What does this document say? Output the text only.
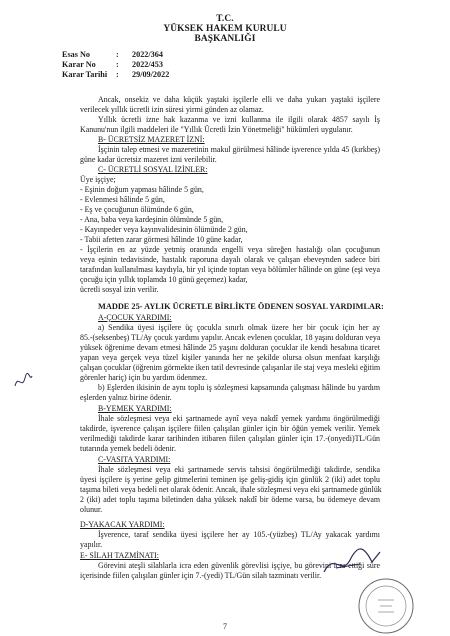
T.C.
YÜKSEK HAKEM KURULU
BAŞKANLIĞI
Esas No	: 2022/364
Karar No : 2022/453
Karar Tarihi : 29/09/2022
Ancak, onsekiz ve daha küçük yaştaki işçilerle elli ve daha yukarı yaştaki işçilere
verilecek yıllık ücretli izin süresi yirmi günden az olamaz.
Yıllık ücretli izne hak kazanma ve izni kullanma ile ilgili olarak 4857 sayılı İş
Kanunu'nun ilgili maddeleri ile "Yıllık Ücretli İzin Yönetmeliği" hükümleri uygulanır.
B- ÜCRETSİZ MAZERET İZNİ:
İşçinin talep etmesi ve mazeretinin makul görülmesi hâlinde işverence yılda 45 (kırkbeş)
güne kadar ücretsiz mazeret izni verilebilir.
C- ÜCRETLİ SOSYAL İZİNLER:
Üye işçiye;
- Eşinin doğum yapması hâlinde 5 gün,
- Evlenmesi hâlinde 5 gün,
- Eş ve çocuğunun ölümünde 6 gün,
- Ana, baba veya kardeşinin ölümünde 5 gün,
- Kayınpeder veya kayınvalidesinin ölümünde 2 gün,
- Tabii afetten zarar görmesi hâlinde 10 güne kadar,
- İşçilerin en az yüzde yetmiş oranında engelli veya süreğen hastalığı olan çocuğunun
veya eşinin tedavisinde, hastalık raporuna dayalı olarak ve çalışan ebeveynden sadece biri
tarafından kullanılması kaydıyla, bir yıl içinde toptan veya bölümler hâlinde on güne (eşi veya
çocuğu için yıllık toplamda 10 günü geçemez) kadar,
ücretli sosyal izin verilir.
MADDE 25- AYLIK ÜCRETLE BİRLİKTE ÖDENEN SOSYAL YARDIMLAR:
A-ÇOCUK YARDIMI:
a) Sendika üyesi işçilere üç çocukla sınırlı olmak üzere her bir çocuk için her ay
85.-(seksenbeş) TL/Ay çocuk yardımı yapılır. Ancak evlenen çocuklar, 18 yaşını dolduran veya
yüksek öğrenime devam etmesi hâlinde 25 yaşını dolduran çocuklar ile kendi hesabına ticaret
yapan veya gerçek veya tüzel kişiler yanında her ne şekilde olursa olsun menfaat karşılığı
çalışan çocuklar (öğrenim görmekte iken tatil devresinde çalışanlar ile staj veya mesleki eğitim
görenler hariç) için bu yardım ödenmez.
b) Eşlerden ikisinin de aynı toplu iş sözleşmesi kapsamında çalışması hâlinde bu yardım
eşlerden yalnız birine ödenir.
B-YEMEK YARDIMI:
İhale sözleşmesi veya eki şartnamede aynî veya nakdî yemek yardımı öngörülmediği
takdirde, işverence çalışan işçilere fiilen çalışılan günler için bir öğün yemek verilir. Yemek
verilmediği takdirde karar tarihinden itibaren fiilen çalışılan günler için 17.-(onyedi)TL/Gün
tutarında yemek bedeli ödenir.
C-VASITA YARDIMI:
İhale sözleşmesi veya eki şartnamede servis tahsisi öngörülmediği takdirde, sendika
üyesi işçilere iş yerine gelip gitmelerini teminen işe geliş-gidiş için günlük 2 (iki) adet toplu
taşıma bileti veya bedeli net olarak ödenir. Ancak, ihale sözleşmesi veya eki şartnamede günlük
2 (iki) adet toplu taşıma biletinden daha yüksek nakdî bir ödeme varsa, bu ödemeye devam
olunur.
D-YAKACAK YARDIMI:
İşverence, taraf sendika üyesi işçilere her ay 105.-(yüzbeş) TL/Ay yakacak yardımı
yapılır.
E- SİLAH TAZMİNATI:
Görevini ateşli silahlarla icra eden güvenlik görevlisi işçiye, bu görevini icra ettiği süre
içerisinde fiilen çalışılan günler için 7.-(yedi) TL/Gün silah tazminatı verilir.
7
